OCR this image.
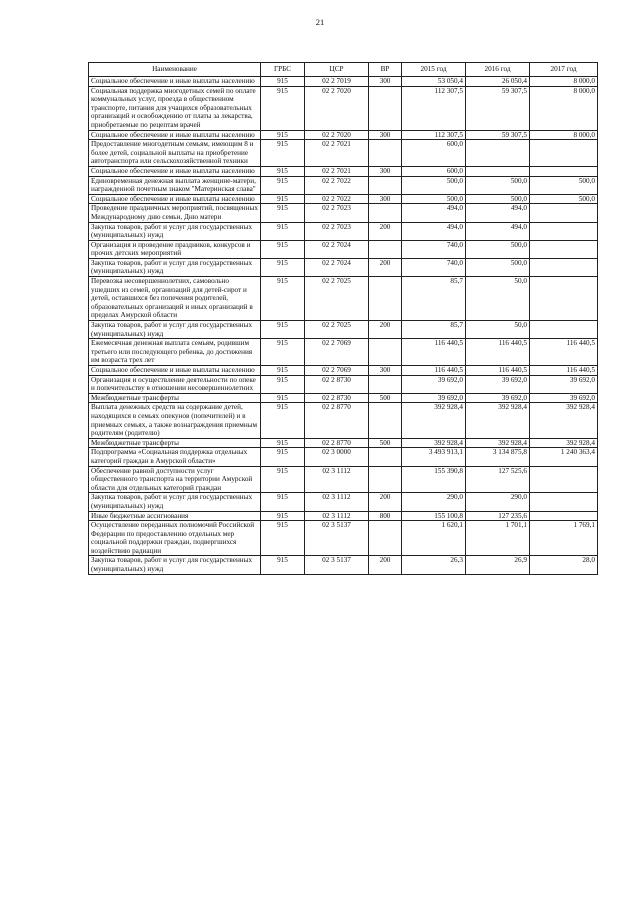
21
Наименование	ГРБС	ЦСР	ВР	2015 год	2016 год	2017 год
Социальное обеспечение и иные выплаты населению	915	02 2 7019	300	53 050,4	26 050,4	8 000,0
Социальная поддержка многодетных семей по оплате коммунальных услуг, проезда в общественном транспорте, питания для учащихся образовательных организаций и освобождению от платы за лекарства, приобретаемые по рецептам врачей	915	02 2 7020		112 307,5	59 307,5	8 000,0
Социальное обеспечение и иные выплаты населению	915	02 2 7020	300	112 307,5	59 307,5	8 000,0
Предоставление многодетным семьям, имеющим 8 и более детей, социальной выплаты на приобретение автотранспорта или сельскохозяйственной техники	915	02 2 7021		600,0		
Социальное обеспечение и иные выплаты населению	915	02 2 7021	300	600,0		
Единовременная денежная выплата женщине-матери, награжденной почетным знаком "Материнская слава"	915	02 2 7022		500,0	500,0	500,0
Социальное обеспечение и иные выплаты населению	915	02 2 7022	300	500,0	500,0	500,0
Проведение праздничных мероприятий, посвященных Международному дню семьи, Дню матери	915	02 2 7023		494,0	494,0	
Закупка товаров, работ и услуг для государственных (муниципальных) нужд	915	02 2 7023	200	494,0	494,0	
Организация и проведение праздников, конкурсов и прочих детских мероприятий	915	02 2 7024		740,0	500,0	
Закупка товаров, работ и услуг для государственных (муниципальных) нужд	915	02 2 7024	200	740,0	500,0	
Перевозка несовершеннолетних, самовольно ушедших из семей, организаций для детей-сирот и детей, оставшихся без попечения родителей, образовательных организаций и иных организаций в пределах Амурской области	915	02 2 7025		85,7	50,0	
Закупка товаров, работ и услуг для государственных (муниципальных) нужд	915	02 2 7025	200	85,7	50,0	
Ежемесячная денежная выплата семьям, родившим третьего или последующего ребенка, до достижения им возраста трех лет	915	02 2 7069		116 440,5	116 440,5	116 440,5
Социальное обеспечение и иные выплаты населению	915	02 2 7069	300	116 440,5	116 440,5	116 440,5
Организация и осуществление деятельности по опеке и попечительству в отношении несовершеннолетних	915	02 2 8730		39 692,0	39 692,0	39 692,0
Межбюджетные трансферты	915	02 2 8730	500	39 692,0	39 692,0	39 692,0
Выплата денежных средств на содержание детей, находящихся в семьях опекунов (попечителей) и в приемных семьях, а также вознаграждения приемным родителям (родителю)	915	02 2 8770		392 928,4	392 928,4	392 928,4
Межбюджетные трансферты	915	02 2 8770	500	392 928,4	392 928,4	392 928,4
Подпрограмма «Социальная поддержка отдельных категорий граждан в Амурской области»	915	02 3 0000		3 493 913,1	3 134 875,8	1 240 363,4
Обеспечение равной доступности услуг общественного транспорта на территории Амурской области для отдельных категорий граждан	915	02 3 1112		155 390,8	127 525,6	
Закупка товаров, работ и услуг для государственных (муниципальных) нужд	915	02 3 1112	200	290,0	290,0	
Иные бюджетные ассигнования	915	02 3 1112	800	155 100,8	127 235,6	
Осуществление переданных полномочий Российской Федерации по предоставлению отдельных мер социальной поддержки граждан, подвергшихся воздействию радиации	915	02 3 5137		1 620,1	1 701,1	1 769,1
Закупка товаров, работ и услуг для государственных (муниципальных) нужд	915	02 3 5137	200	26,3	26,9	28,0
